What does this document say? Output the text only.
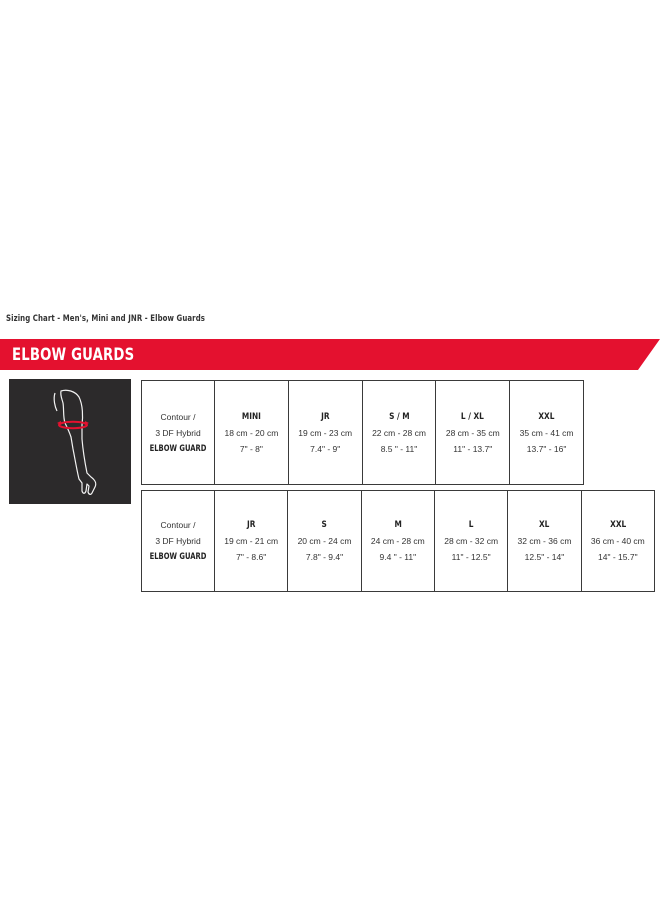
Sizing Chart - Men's, Mini and JNR - Elbow Guards
ELBOW GUARDS
Contour /
3 DF Hybrid
ELBOW GUARD

MINI
18 cm - 20 cm
7" - 8"

JR
19 cm - 23 cm
7.4" - 9"

S / M
22 cm - 28 cm
8.5 " - 11"

L / XL
28 cm - 35 cm
11" - 13.7"

XXL
35 cm - 41 cm
13.7" - 16"
Contour /
3 DF Hybrid
ELBOW GUARD

JR
19 cm - 21 cm
7" - 8.6"

S
20 cm - 24 cm
7.8" - 9.4"

M
24 cm - 28 cm
9.4 " - 11"

L
28 cm - 32 cm
11" - 12.5"

XL
32 cm - 36 cm
12.5" - 14"

XXL
36 cm - 40 cm
14" - 15.7"
